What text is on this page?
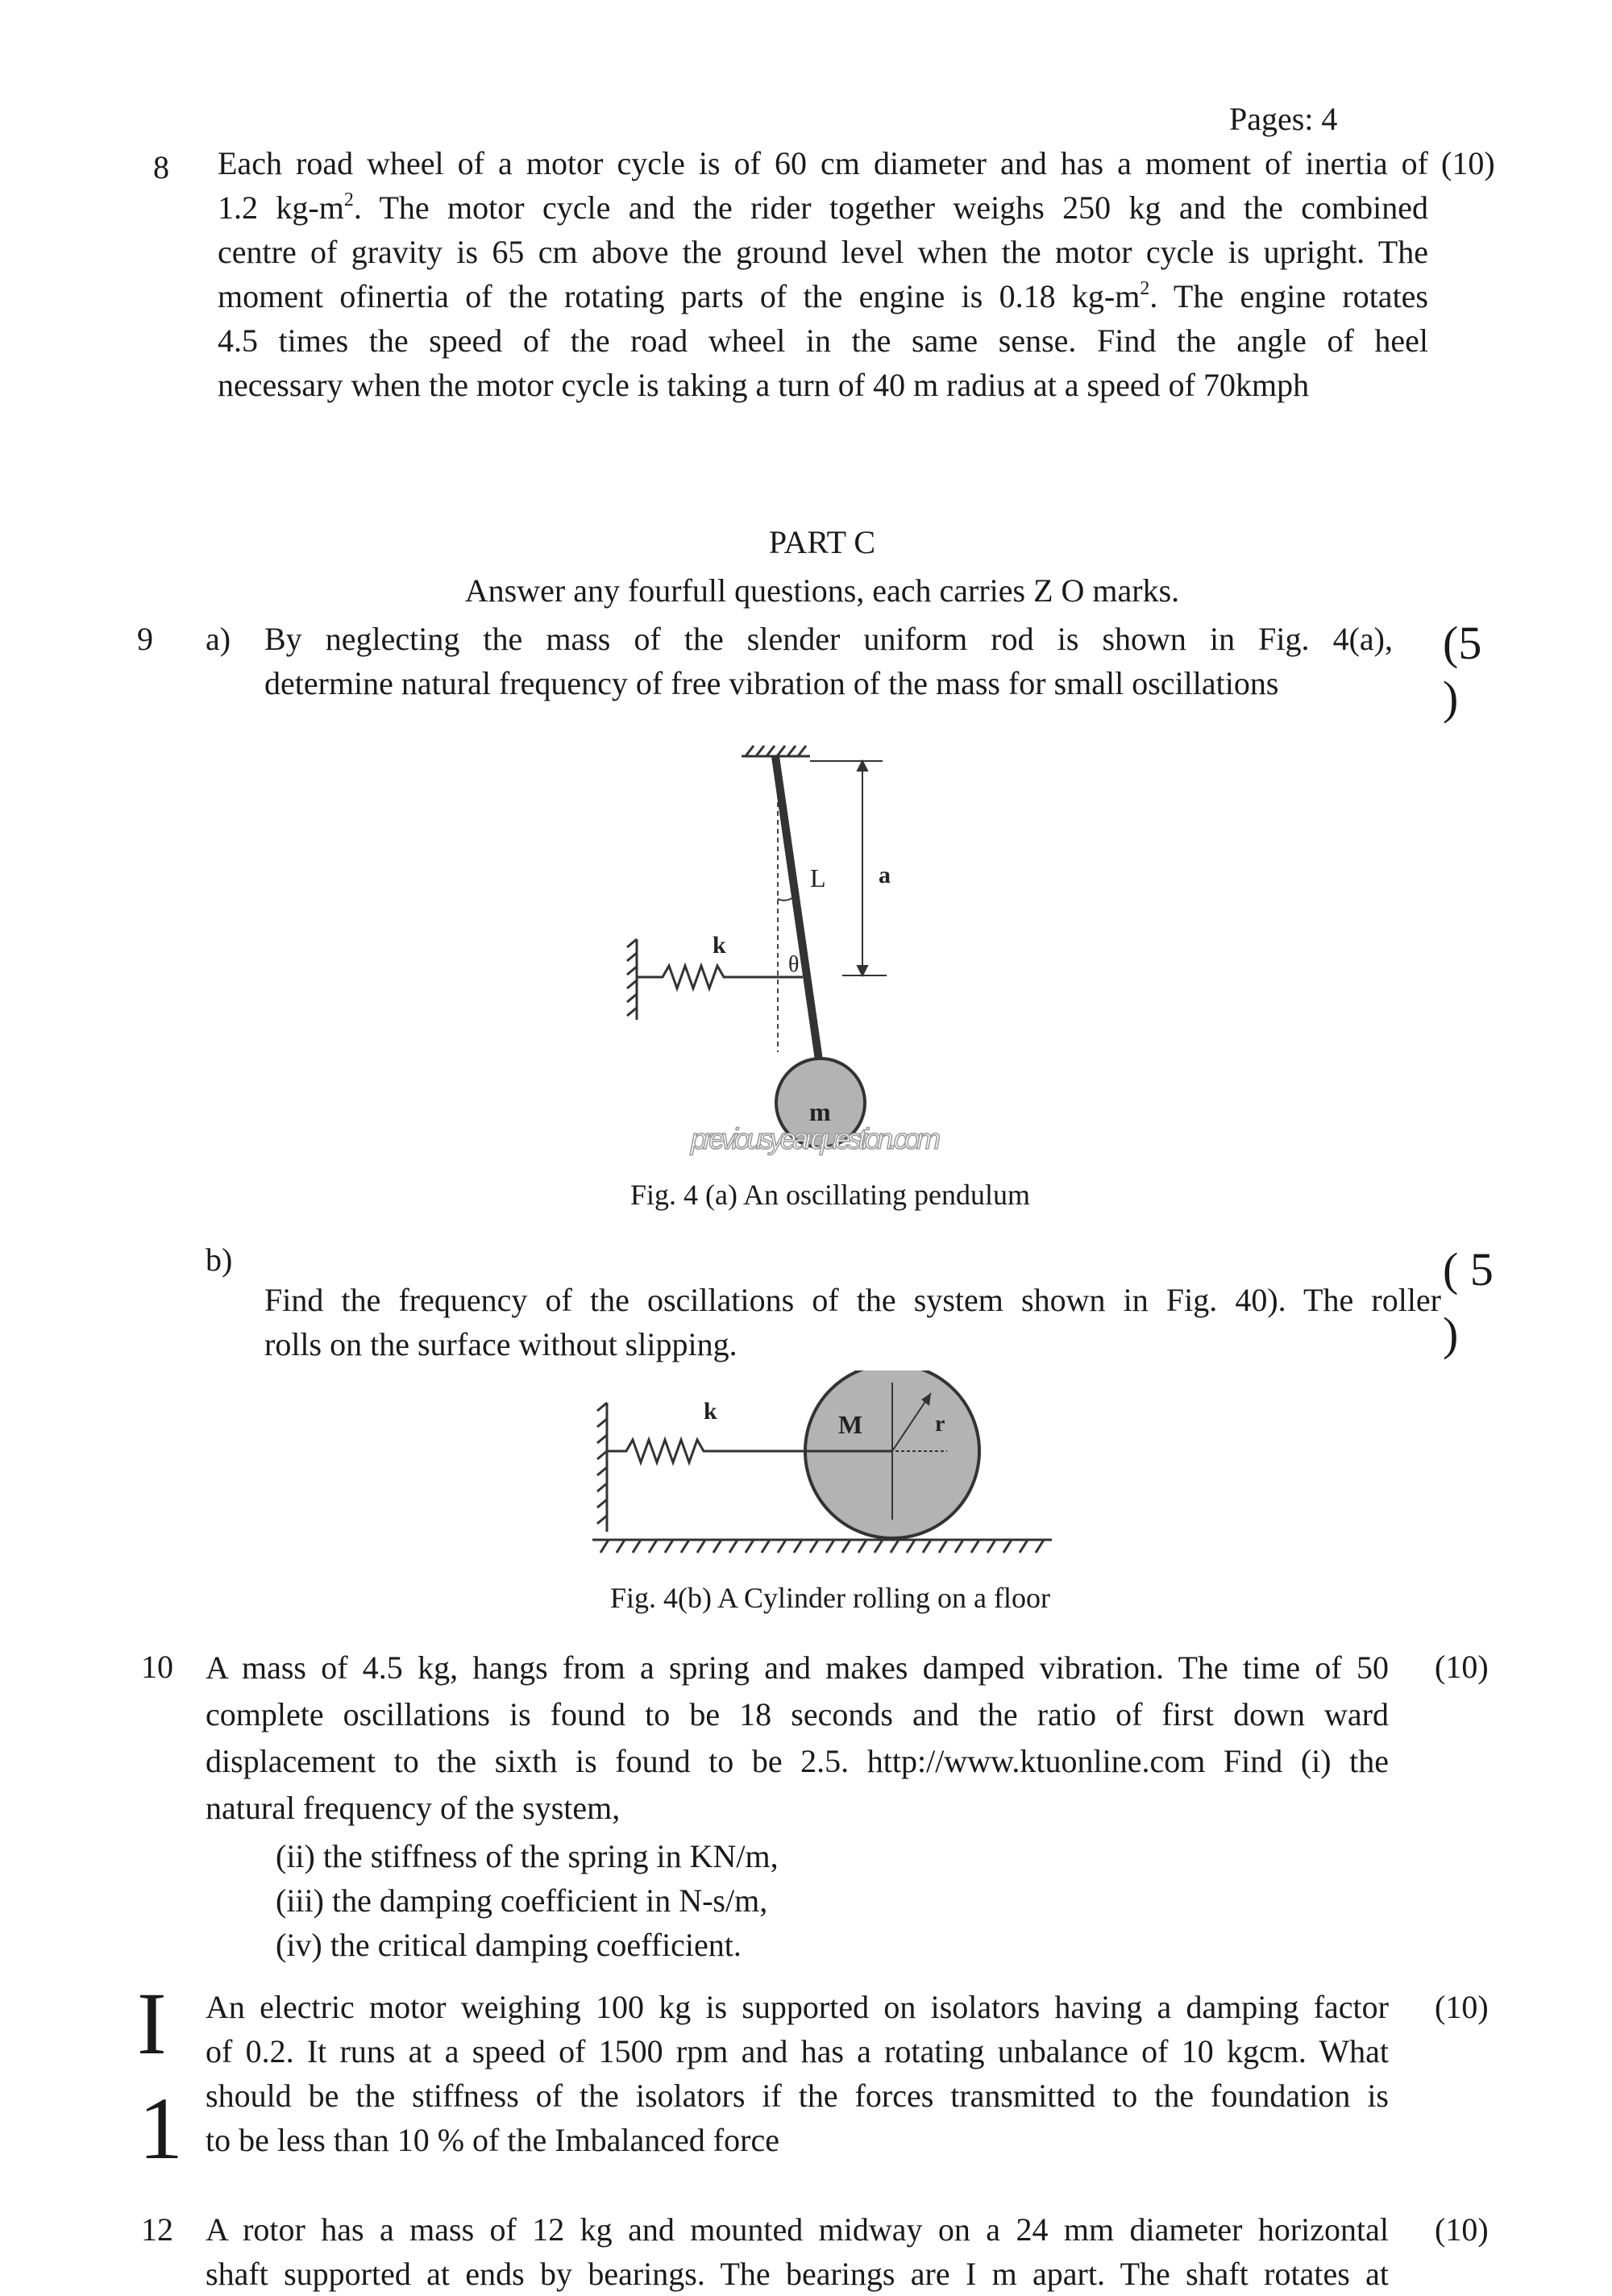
Pages: 4
8	(10)
Each road wheel of a motor cycle is of 60 cm diameter and has a moment of inertia of
1.2 $kg-m^2$. The motor cycle and the rider together weighs 250 kg and the combined
centre of gravity is 65 cm above the ground level when the motor cycle is upright. The
moment ofinertia of the rotating parts of the engine is 0.18 $kg-m^2$. The engine rotates
4.5 times the speed of the road wheel in the same sense. Find the angle of heel
necessary when the motor cycle is taking a turn of 40 m radius at a speed of 70kmph
PART C
Answer any fourfull questions, each carries Z O marks.
9 a) By neglecting the mass of the slender uniform rod is shown in Fig. 4(a),
determine natural frequency of free vibration of the mass for small oscillations
(5
)
k
θ
L a
m
previousyearquestion.com
Fig. 4 (a) An oscillating pendulum
b)
Find the frequency of the oscillations of the system shown in Fig. 40). The roller
rolls on the surface without slipping.
( 5
)
k	M	r
Fig. 4(b) A Cylinder rolling on a floor
10	(10)
A mass of 4.5 kg, hangs from a spring and makes damped vibration. The time of 50
complete oscillations is found to be 18 seconds and the ratio of first down ward
displacement to the sixth is found to be 2.5. http://www.ktuonline.com Find (i) the
natural frequency of the system,
(ii) the stiffness of the spring in KN/m,
(iii) the damping coefficient in N-s/m,
(iv) the critical damping coefficient.
I
1
(10)
An electric motor weighing 100 kg is supported on isolators having a damping factor
of 0.2. It runs at a speed of 1500 rpm and has a rotating unbalance of 10 kgcm. What
should be the stiffness of the isolators if the forces transmitted to the foundation is
to be less than 10 % of the Imbalanced force
12	(10)
A rotor has a mass of 12 kg and mounted midway on a 24 mm diameter horizontal
shaft supported at ends by bearings. The bearings are I m apart. The shaft rotates at
